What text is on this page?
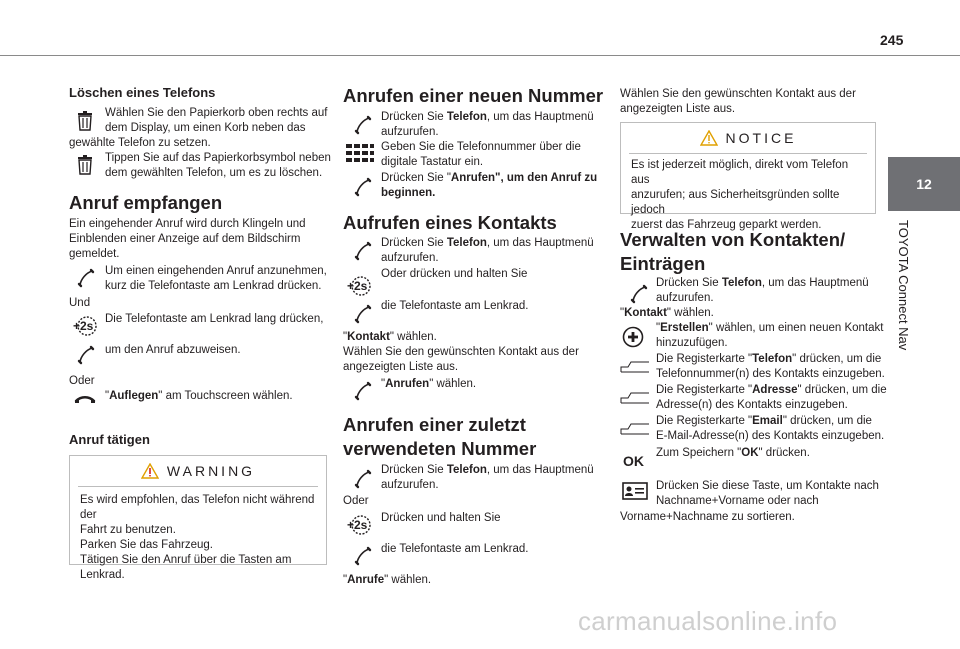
245
12
TOYOTA Connect Nav
Löschen eines Telefons
Wählen Sie den Papierkorb oben rechts auf
dem Display, um einen Korb neben das
gewählte Telefon zu setzen.
Tippen Sie auf das Papierkorbsymbol neben
dem gewählten Telefon, um es zu löschen.
Anruf empfangen
Ein eingehender Anruf wird durch Klingeln und
Einblenden einer Anzeige auf dem Bildschirm
gemeldet.
Um einen eingehenden Anruf anzunehmen,
kurz die Telefontaste am Lenkrad drücken.
Und
+2s Die Telefontaste am Lenkrad lang drücken,
um den Anruf abzuweisen.
Oder
"Auflegen" am Touchscreen wählen.
Anruf tätigen
WARNING
Es wird empfohlen, das Telefon nicht während der
Fahrt zu benutzen.
Parken Sie das Fahrzeug.
Tätigen Sie den Anruf über die Tasten am Lenkrad.
Anrufen einer neuen Nummer
Drücken Sie Telefon, um das Hauptmenü
aufzurufen.
Geben Sie die Telefonnummer über die
digitale Tastatur ein.
Drücken Sie "Anrufen", um den Anruf zu
beginnen.
Aufrufen eines Kontakts
Drücken Sie Telefon, um das Hauptmenü
aufzurufen.
+2s
Oder drücken und halten Sie
die Telefontaste am Lenkrad.
"Kontakt" wählen.
Wählen Sie den gewünschten Kontakt aus der
angezeigten Liste aus.
"Anrufen" wählen.
Anrufen einer zuletzt
verwendeten Nummer
Drücken Sie Telefon, um das Hauptmenü
aufzurufen.
Oder
+2s Drücken und halten Sie
die Telefontaste am Lenkrad.
"Anrufe" wählen.
Wählen Sie den gewünschten Kontakt aus der
angezeigten Liste aus.
NOTICE
Es ist jederzeit möglich, direkt vom Telefon aus
anzurufen; aus Sicherheitsgründen sollte jedoch
zuerst das Fahrzeug geparkt werden.
Verwalten von Kontakten/
Einträgen
Drücken Sie Telefon, um das Hauptmenü
aufzurufen.
"Kontakt" wählen.
"Erstellen" wählen, um einen neuen Kontakt
hinzuzufügen.
Die Registerkarte "Telefon" drücken, um die
Telefonnummer(n) des Kontakts einzugeben.
Die Registerkarte "Adresse" drücken, um die
Adresse(n) des Kontakts einzugeben.
Die Registerkarte "Email" drücken, um die
E-Mail-Adresse(n) des Kontakts einzugeben.
OK Zum Speichern "OK" drücken.
Drücken Sie diese Taste, um Kontakte nach
Nachname+Vorname oder nach
Vorname+Nachname zu sortieren.
carmanualsonline.info
